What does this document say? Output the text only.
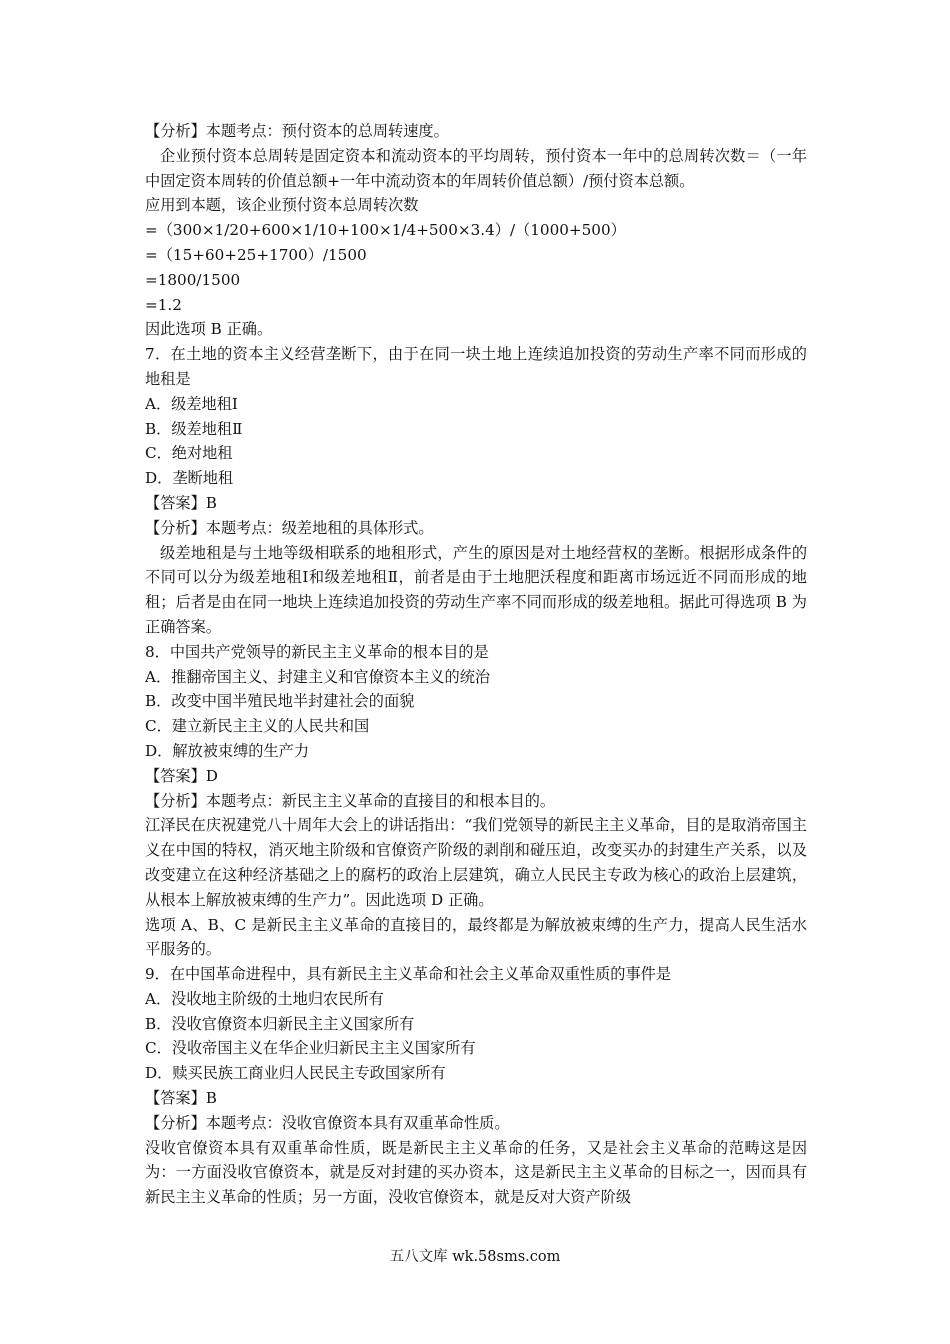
【分析】本题考点：预付资本的总周转速度。
企业预付资本总周转是固定资本和流动资本的平均周转，预付资本一年中的总周转次数＝（一年中固定资本周转的价值总额+一年中流动资本的年周转价值总额）/预付资本总额。
应用到本题，该企业预付资本总周转次数
=（300×1/20+600×1/10+100×1/4+500×3.4）/（1000+500）
=（15+60+25+1700）/1500
=1800/1500
=1.2
因此选项 B 正确。
7．在土地的资本主义经营垄断下，由于在同一块土地上连续追加投资的劳动生产率不同而形成的地租是
A．级差地租Ⅰ
B．级差地租Ⅱ
C．绝对地租
D．垄断地租
【答案】B
【分析】本题考点：级差地租的具体形式。
级差地租是与土地等级相联系的地租形式，产生的原因是对土地经营权的垄断。根据形成条件的不同可以分为级差地租Ⅰ和级差地租Ⅱ，前者是由于土地肥沃程度和距离市场远近不同而形成的地租；后者是由在同一地块上连续追加投资的劳动生产率不同而形成的级差地租。据此可得选项 B 为正确答案。
8．中国共产党领导的新民主主义革命的根本目的是
A．推翻帝国主义、封建主义和官僚资本主义的统治
B．改变中国半殖民地半封建社会的面貌
C．建立新民主主义的人民共和国
D．解放被束缚的生产力
【答案】D
【分析】本题考点：新民主主义革命的直接目的和根本目的。
江泽民在庆祝建党八十周年大会上的讲话指出：“我们党领导的新民主主义革命，目的是取消帝国主义在中国的特权，消灭地主阶级和官僚资产阶级的剥削和碰压迫，改变买办的封建生产关系，以及改变建立在这种经济基础之上的腐朽的政治上层建筑，确立人民民主专政为核心的政治上层建筑，从根本上解放被束缚的生产力”。因此选项 D 正确。
选项 A、B、C 是新民主主义革命的直接目的，最终都是为解放被束缚的生产力，提高人民生活水平服务的。
9．在中国革命进程中，具有新民主主义革命和社会主义革命双重性质的事件是
A．没收地主阶级的土地归农民所有
B．没收官僚资本归新民主主义国家所有
C．没收帝国主义在华企业归新民主主义国家所有
D．赎买民族工商业归人民民主专政国家所有
【答案】B
【分析】本题考点：没收官僚资本具有双重革命性质。
没收官僚资本具有双重革命性质，既是新民主主义革命的任务，又是社会主义革命的范畴这是因为：一方面没收官僚资本，就是反对封建的买办资本，这是新民主主义革命的目标之一，因而具有新民主主义革命的性质；另一方面，没收官僚资本，就是反对大资产阶级
五八文库 wk.58sms.com
